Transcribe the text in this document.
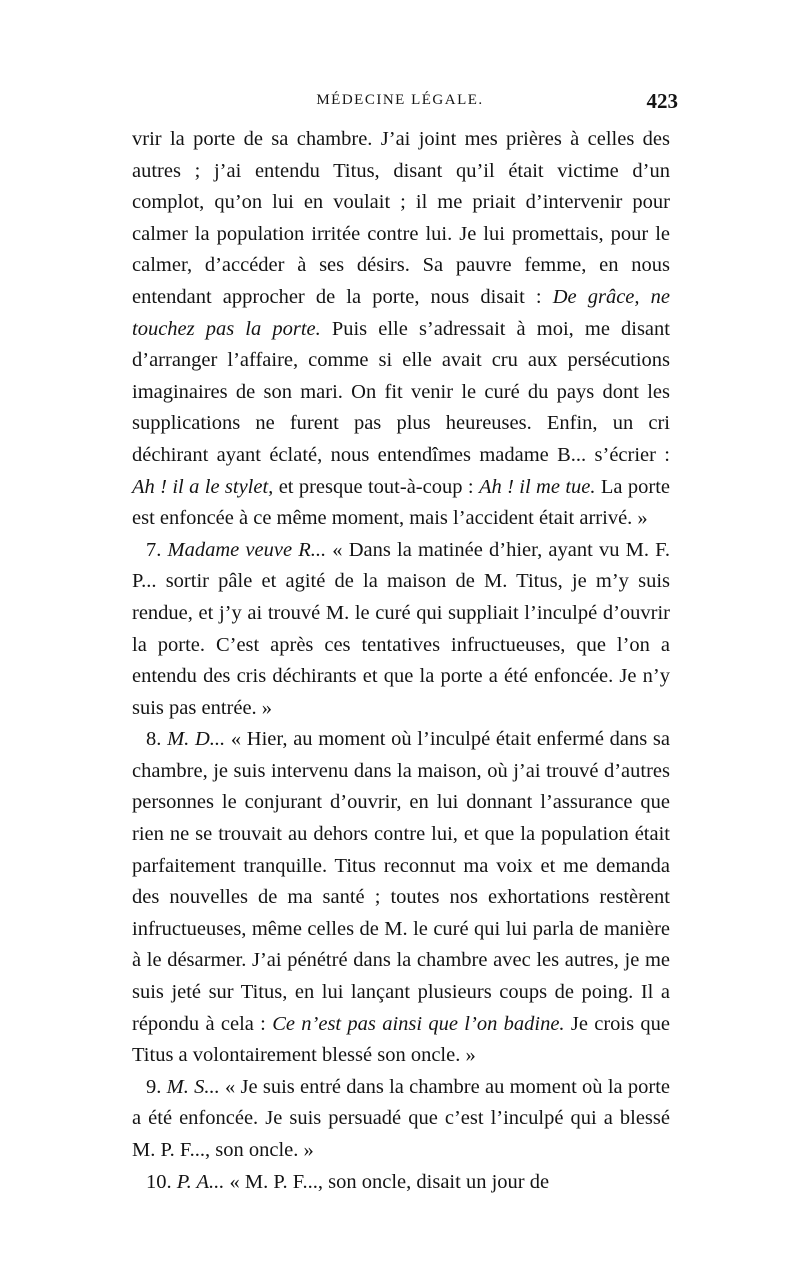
MÉDECINE LÉGALE.	423

vrir la porte de sa chambre. J’ai joint mes prières à celles des autres ; j’ai entendu Titus, disant qu’il était victime d’un complot, qu’on lui en voulait ; il me priait d’intervenir pour calmer la population irritée contre lui. Je lui promettais, pour le calmer, d’accéder à ses désirs. Sa pauvre femme, en nous entendant approcher de la porte, nous disait : De grâce, ne touchez pas la porte. Puis elle s’adressait à moi, me disant d’arranger l’affaire, comme si elle avait cru aux persécutions imaginaires de son mari. On fit venir le curé du pays dont les supplications ne furent pas plus heureuses. Enfin, un cri déchirant ayant éclaté, nous entendîmes madame B... s’écrier : Ah ! il a le stylet, et presque tout-à-coup : Ah ! il me tue. La porte est enfoncée à ce même moment, mais l’accident était arrivé. »

7. Madame veuve R... « Dans la matinée d’hier, ayant vu M. F. P... sortir pâle et agité de la maison de M. Titus, je m’y suis rendue, et j’y ai trouvé M. le curé qui suppliait l’inculpé d’ouvrir la porte. C’est après ces tentatives infructueuses, que l’on a entendu des cris déchirants et que la porte a été enfoncée. Je n’y suis pas entrée. »

8. M. D... « Hier, au moment où l’inculpé était enfermé dans sa chambre, je suis intervenu dans la maison, où j’ai trouvé d’autres personnes le conjurant d’ouvrir, en lui donnant l’assurance que rien ne se trouvait au dehors contre lui, et que la population était parfaitement tranquille. Titus reconnut ma voix et me demanda des nouvelles de ma santé ; toutes nos exhortations restèrent infructueuses, même celles de M. le curé qui lui parla de manière à le désarmer. J’ai pénétré dans la chambre avec les autres, je me suis jeté sur Titus, en lui lançant plusieurs coups de poing. Il a répondu à cela : Ce n’est pas ainsi que l’on badine. Je crois que Titus a volontairement blessé son oncle. »

9. M. S... « Je suis entré dans la chambre au moment où la porte a été enfoncée. Je suis persuadé que c’est l’inculpé qui a blessé M. P. F..., son oncle. »

10. P. A... « M. P. F..., son oncle, disait un jour de
